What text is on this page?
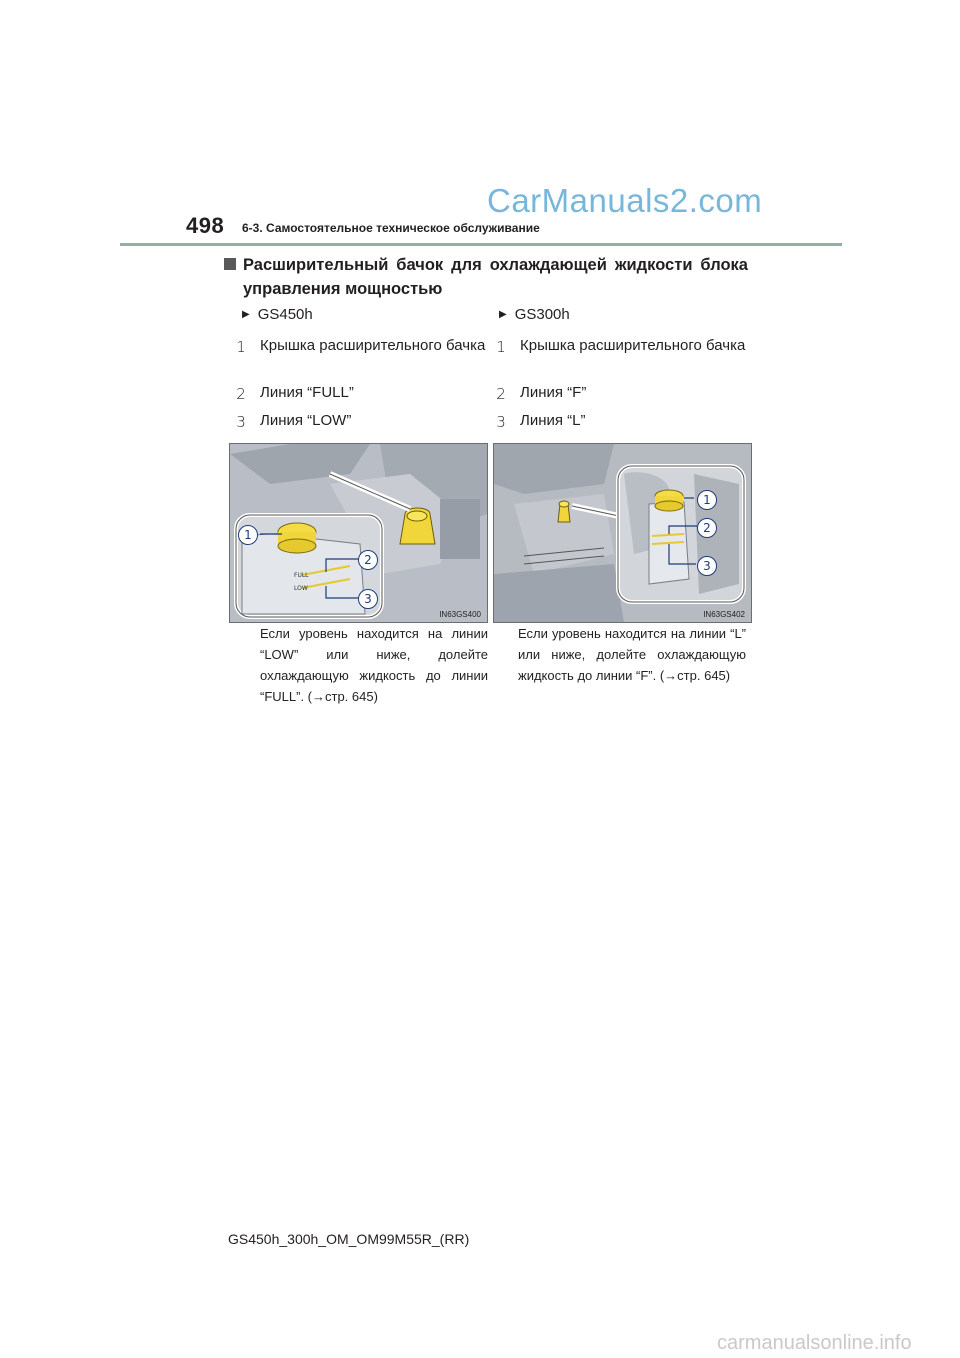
CarManuals2.com
498 6-3. Самостоятельное техническое обслуживание
Расширительный бачок для охлаждающей жидкости блока управления мощностью
▶ GS450h
1 Крышка расширительного бачка
2 Линия “FULL”
3 Линия “LOW”
▶ GS300h
1 Крышка расширительного бачка
2 Линия “F”
3 Линия “L”
FULL
LOW
1
2
3
IN63GS400
1
2
3
IN63GS402
Если уровень находится на линии “LOW” или ниже, долейте охлаждающую жидкость до линии “FULL”. (→стр. 645)
Если уровень находится на линии “L” или ниже, долейте охлаждающую жидкость до линии “F”. (→стр. 645)
GS450h_300h_OM_OM99M55R_(RR)
carmanualsonline.info
